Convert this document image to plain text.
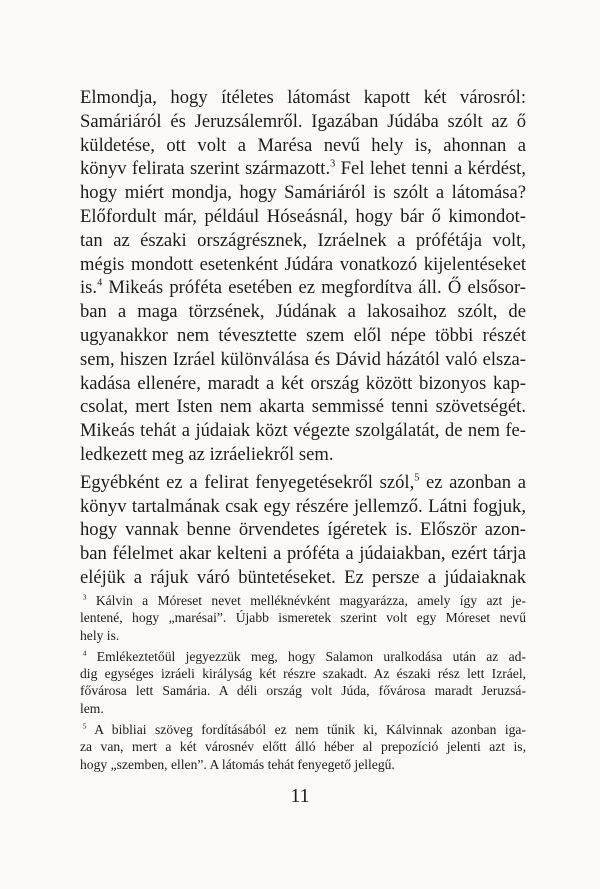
Elmondja, hogy ítéletes látomást kapott két városról:
Samáriáról és Jeruzsálemről. Igazában Júdába szólt az ő
küldetése, ott volt a Marésa nevű hely is, ahonnan a
könyv felirata szerint származott.$^3$ Fel lehet tenni a kérdést,
hogy miért mondja, hogy Samáriáról is szólt a látomása?
Előfordult már, például Hóseásnál, hogy bár ő kimondot-
tan az északi országrésznek, Izráelnek a prófétája volt,
mégis mondott esetenként Júdára vonatkozó kijelentéseket
is.$^4$ Mikeás próféta esetében ez megfordítva áll. Ő elsősor-
ban a maga törzsének, Júdának a lakosaihoz szólt, de
ugyanakkor nem tévesztette szem elől népe többi részét
sem, hiszen Izráel különválása és Dávid házától való elsza-
kadása ellenére, maradt a két ország között bizonyos kap-
csolat, mert Isten nem akarta semmissé tenni szövetségét.
Mikeás tehát a júdaiak közt végezte szolgálatát, de nem fe-
ledkezett meg az izráeliekről sem.
Egyébként ez a felirat fenyegetésekről szól,$^5$ ez azonban a
könyv tartalmának csak egy részére jellemző. Látni fogjuk,
hogy vannak benne örvendetes ígéretek is. Először azon-
ban félelmet akar kelteni a próféta a júdaiakban, ezért tárja
eléjük a rájuk váró büntetéseket. Ez persze a júdaiaknak
 $^3$ Kálvin a Móreset nevet melléknévként magyarázza, amely így azt je-
lentené, hogy „marésai”. Újabb ismeretek szerint volt egy Móreset nevű
hely is.
 $^4$ Emlékeztetőül jegyezzük meg, hogy Salamon uralkodása után az ad-
dig egységes izráeli királyság két részre szakadt. Az északi rész lett Izráel,
fővárosa lett Samária. A déli ország volt Júda, fővárosa maradt Jeruzsá-
lem.
 $^5$ A bibliai szöveg fordításából ez nem tűnik ki, Kálvinnak azonban iga-
za van, mert a két városnév előtt álló héber al prepozíció jelenti azt is,
hogy „szemben, ellen”. A látomás tehát fenyegető jellegű.
11
